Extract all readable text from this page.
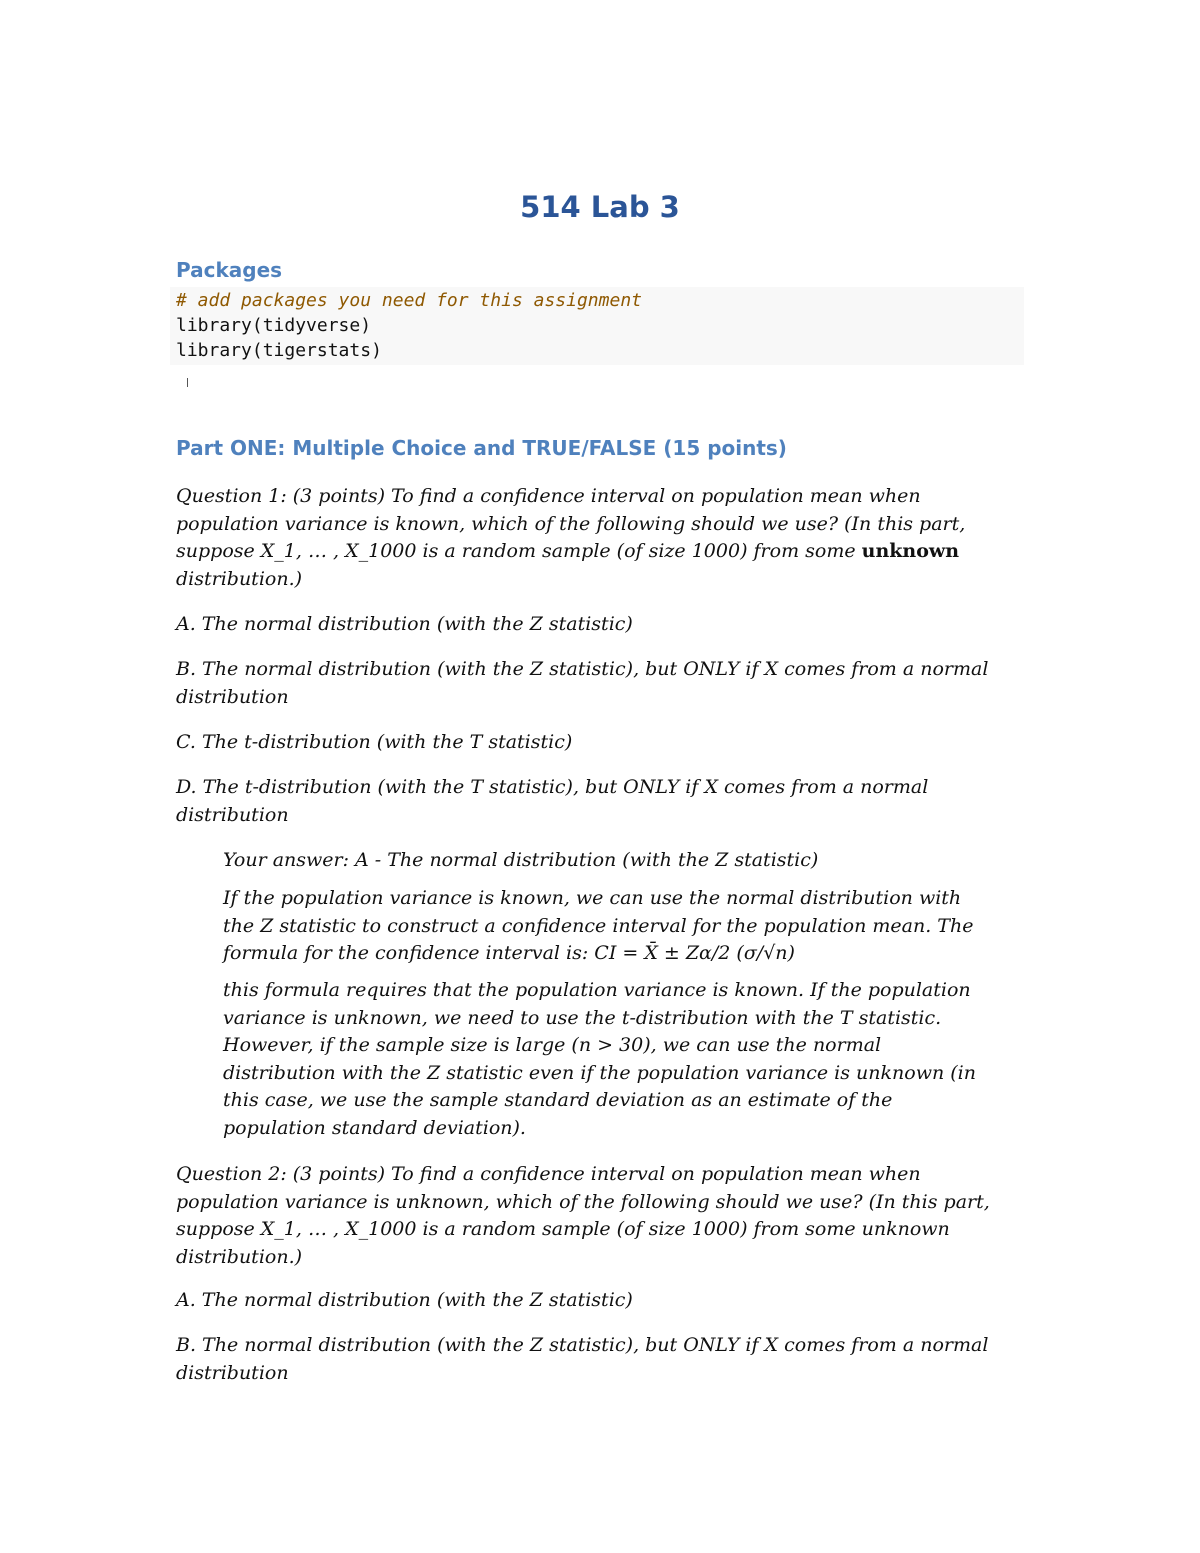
514 Lab 3
Packages
# add packages you need for this assignment
library(tidyverse)
library(tigerstats)
Part ONE: Multiple Choice and TRUE/FALSE (15 points)

Question 1: (3 points) To find a confidence interval on population mean when population variance is known, which of the following should we use? (In this part, suppose X_1, … , X_1000 is a random sample (of size 1000) from some unknown distribution.)

A. The normal distribution (with the Z statistic)

B. The normal distribution (with the Z statistic), but ONLY if X comes from a normal distribution

C. The t-distribution (with the T statistic)

D. The t-distribution (with the T statistic), but ONLY if X comes from a normal distribution

Your answer: A - The normal distribution (with the Z statistic)

If the population variance is known, we can use the normal distribution with the Z statistic to construct a confidence interval for the population mean. The formula for the confidence interval is: CI = X̄ ± Zα/2 (σ/√n)

this formula requires that the population variance is known. If the population variance is unknown, we need to use the t-distribution with the T statistic. However, if the sample size is large (n > 30), we can use the normal distribution with the Z statistic even if the population variance is unknown (in this case, we use the sample standard deviation as an estimate of the population standard deviation).

Question 2: (3 points) To find a confidence interval on population mean when population variance is unknown, which of the following should we use? (In this part, suppose X_1, … , X_1000 is a random sample (of size 1000) from some unknown distribution.)

A. The normal distribution (with the Z statistic)

B. The normal distribution (with the Z statistic), but ONLY if X comes from a normal distribution
